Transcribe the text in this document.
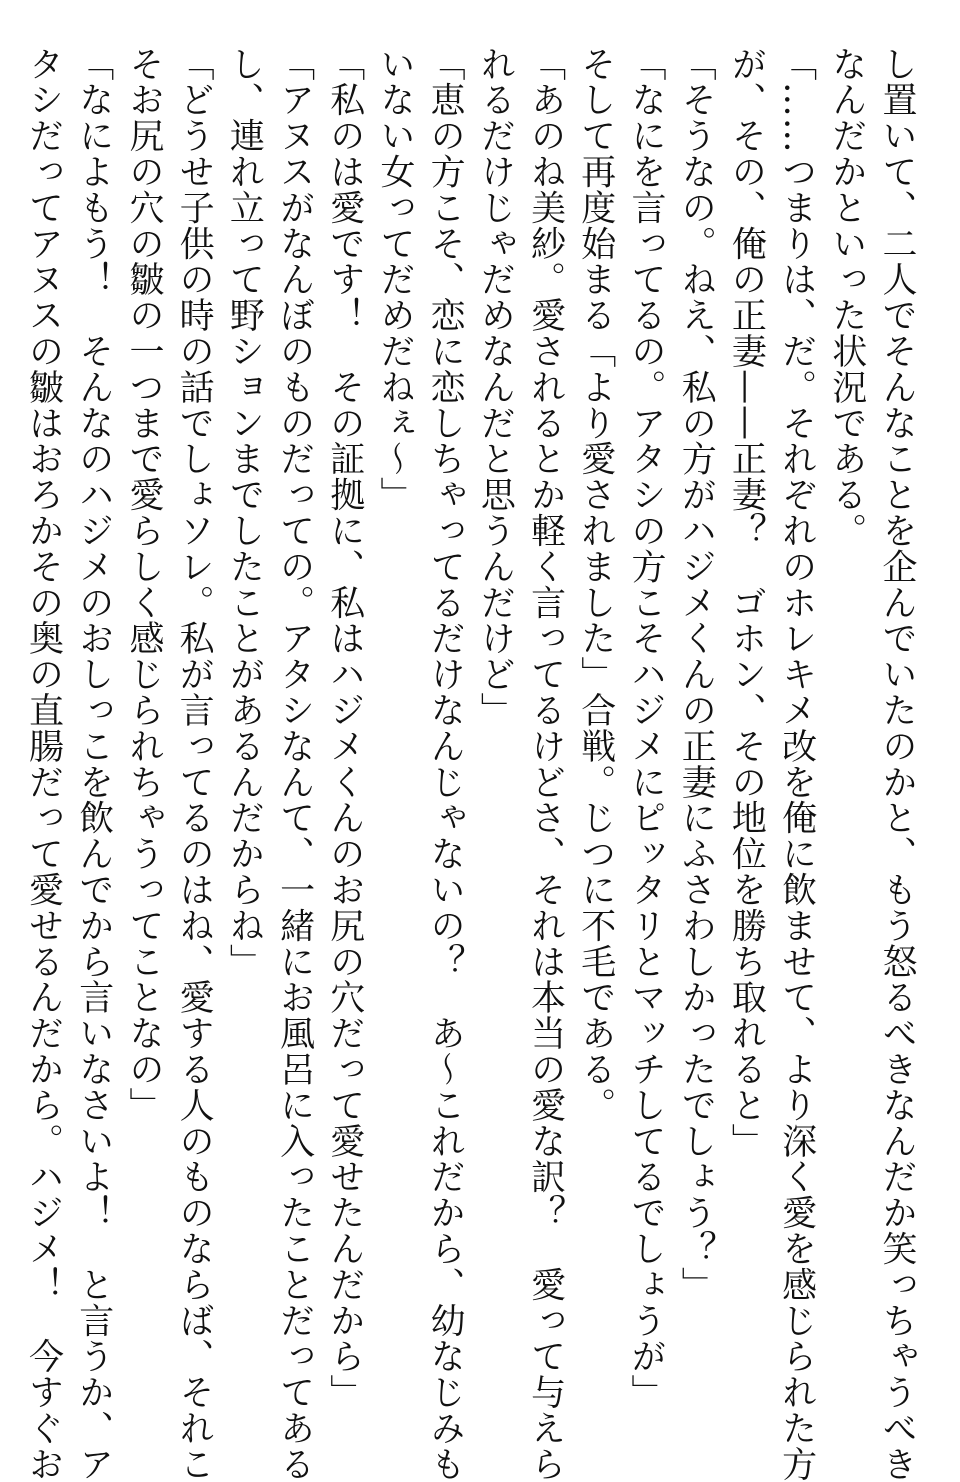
し置いて、二人でそんなことを企んでいたのかと、もう怒るべきなんだか笑っちゃうべき
なんだかといった状況である。
「……つまりは、だ。それぞれのホレキメ改を俺に飲ませて、より深く愛を感じられた方
が、その、俺の正妻——正妻？　ゴホン、その地位を勝ち取れると」
「そうなの。ねえ、私の方がハジメくんの正妻にふさわしかったでしょう？」
「なにを言ってるの。アタシの方こそハジメにピッタリとマッチしてるでしょうが」
そして再度始まる「より愛されました」合戦。じつに不毛である。
「あのね美紗。愛されるとか軽く言ってるけどさ、それは本当の愛な訳？　愛って与えら
れるだけじゃだめなんだと思うんだけど」
「恵の方こそ、恋に恋しちゃってるだけなんじゃないの？　あ～これだから、幼なじみも
いない女ってだめだねぇ～」
「私のは愛です！　その証拠に、私はハジメくんのお尻の穴だって愛せたんだから」
「アヌスがなんぼのものだっての。アタシなんて、一緒にお風呂に入ったことだってある
し、連れ立って野ションまでしたことがあるんだからね」
「どうせ子供の時の話でしょソレ。私が言ってるのはね、愛する人のものならば、それこ
そお尻の穴の皺の一つまで愛らしく感じられちゃうってことなの」
「なによもう！　そんなのハジメのおしっこを飲んでから言いなさいよ！　と言うか、ア
タシだってアヌスの皺はおろかその奥の直腸だって愛せるんだから。ハジメ！　今すぐお
